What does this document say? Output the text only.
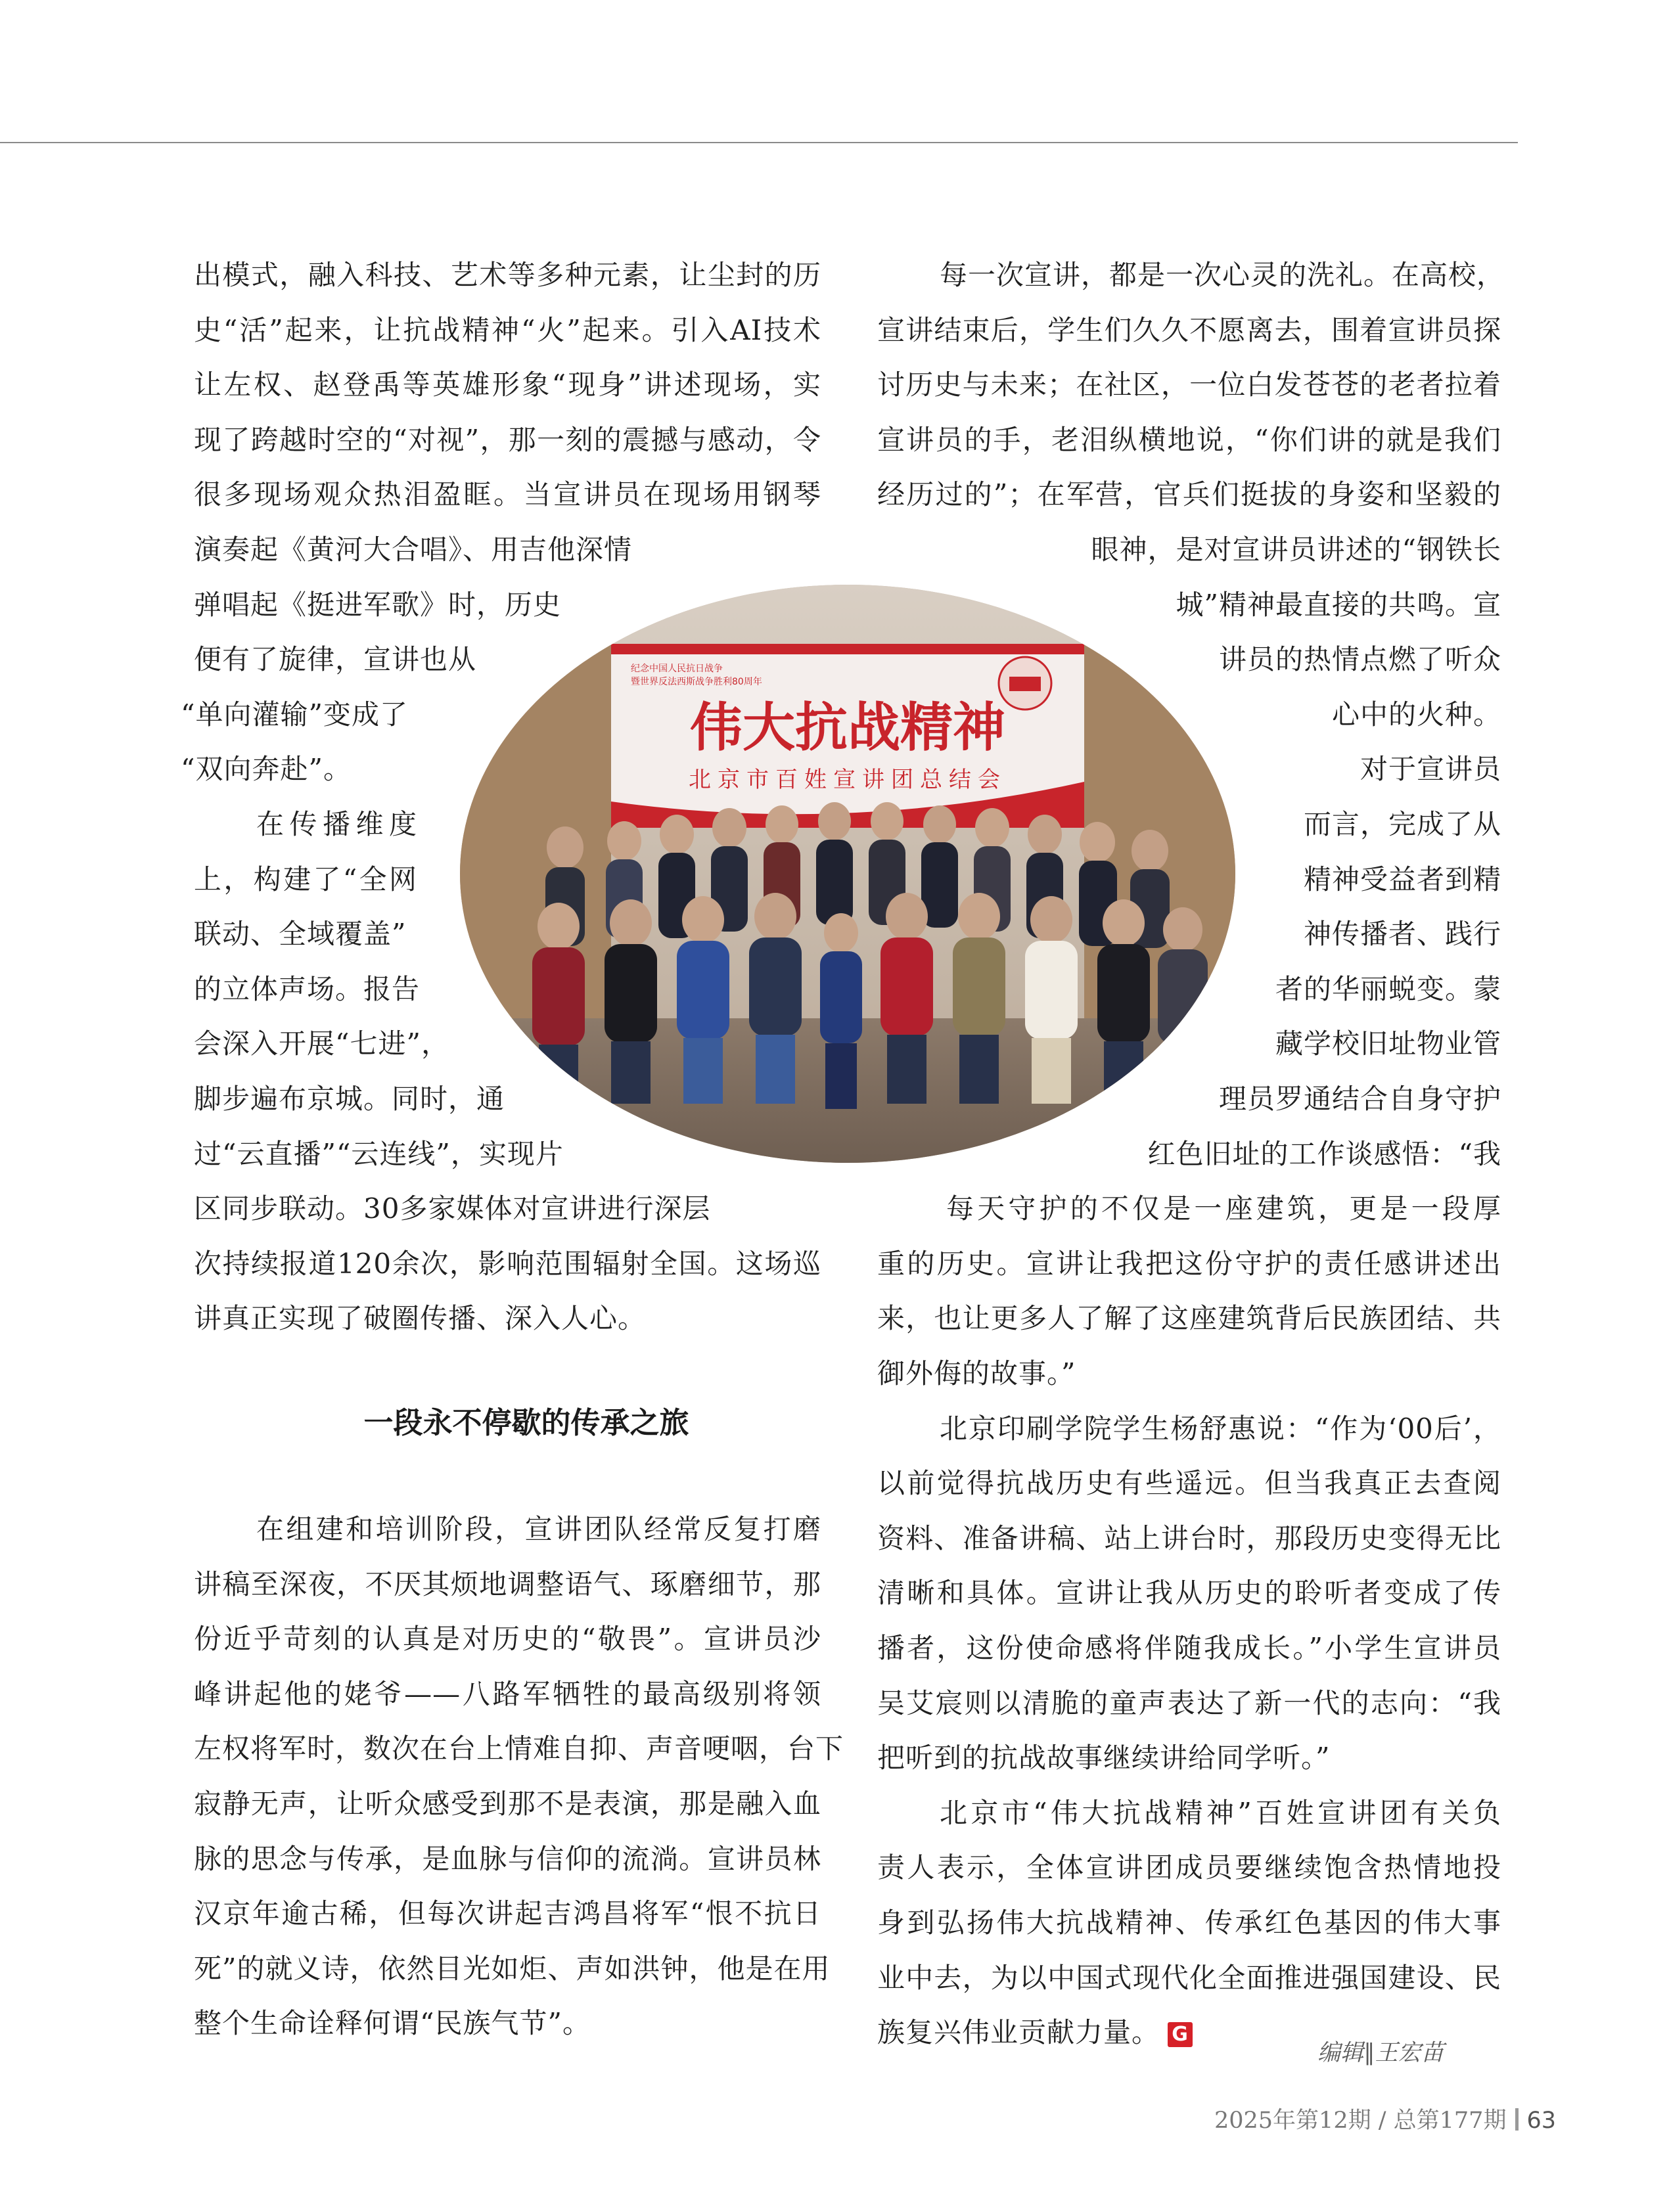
出模式，融入科技、艺术等多种元素，让尘封的历
史“活”起来，让抗战精神“火”起来。引入AI技术
让左权、赵登禹等英雄形象“现身”讲述现场，实
现了跨越时空的“对视”，那一刻的震撼与感动，令
很多现场观众热泪盈眶。当宣讲员在现场用钢琴
演奏起《黄河大合唱》、用吉他深情
弹唱起《挺进军歌》时，历史
便有了旋律，宣讲也从
“单向灌输”变成了
“双向奔赴”。
在传播维度
上，构建了“全网
联动、全域覆盖”
的立体声场。报告
会深入开展“七进”，
脚步遍布京城。同时，通
过“云直播”“云连线”，实现片
区同步联动。30多家媒体对宣讲进行深层
次持续报道120余次，影响范围辐射全国。这场巡
讲真正实现了破圈传播、深入人心。
在组建和培训阶段，宣讲团队经常反复打磨
讲稿至深夜，不厌其烦地调整语气、琢磨细节，那
份近乎苛刻的认真是对历史的“敬畏”。宣讲员沙
峰讲起他的姥爷——八路军牺牲的最高级别将领
左权将军时，数次在台上情难自抑、声音哽咽，台下
寂静无声，让听众感受到那不是表演，那是融入血
脉的思念与传承，是血脉与信仰的流淌。宣讲员林
汉京年逾古稀，但每次讲起吉鸿昌将军“恨不抗日
死”的就义诗，依然目光如炬、声如洪钟，他是在用
整个生命诠释何谓“民族气节”。
一段永不停歇的传承之旅
每一次宣讲，都是一次心灵的洗礼。在高校，
宣讲结束后，学生们久久不愿离去，围着宣讲员探
讨历史与未来；在社区，一位白发苍苍的老者拉着
宣讲员的手，老泪纵横地说，“你们讲的就是我们
经历过的”；在军营，官兵们挺拔的身姿和坚毅的
眼神，是对宣讲员讲述的“钢铁长
城”精神最直接的共鸣。宣
讲员的热情点燃了听众
心中的火种。
对于宣讲员
而言，完成了从
精神受益者到精
神传播者、践行
者的华丽蜕变。蒙
藏学校旧址物业管
理员罗通结合自身守护
红色旧址的工作谈感悟：“我
每天守护的不仅是一座建筑，更是一段厚
重的历史。宣讲让我把这份守护的责任感讲述出
来，也让更多人了解了这座建筑背后民族团结、共
御外侮的故事。”
北京印刷学院学生杨舒惠说：“作为‘00后’，
以前觉得抗战历史有些遥远。但当我真正去查阅
资料、准备讲稿、站上讲台时，那段历史变得无比
清晰和具体。宣讲让我从历史的聆听者变成了传
播者，这份使命感将伴随我成长。”小学生宣讲员
吴艾宸则以清脆的童声表达了新一代的志向：“我
把听到的抗战故事继续讲给同学听。”
北京市“伟大抗战精神”百姓宣讲团有关负
责人表示，全体宣讲团成员要继续饱含热情地投
身到弘扬伟大抗战精神、传承红色基因的伟大事
业中去，为以中国式现代化全面推进强国建设、民
族复兴伟业贡献力量。 G
纪念中国人民抗日战争
暨世界反法西斯战争胜利80周年
伟大抗战精神
北京市百姓宣讲团总结会
编辑∥王宏苗
2025年第12期 / 总第177期 63
